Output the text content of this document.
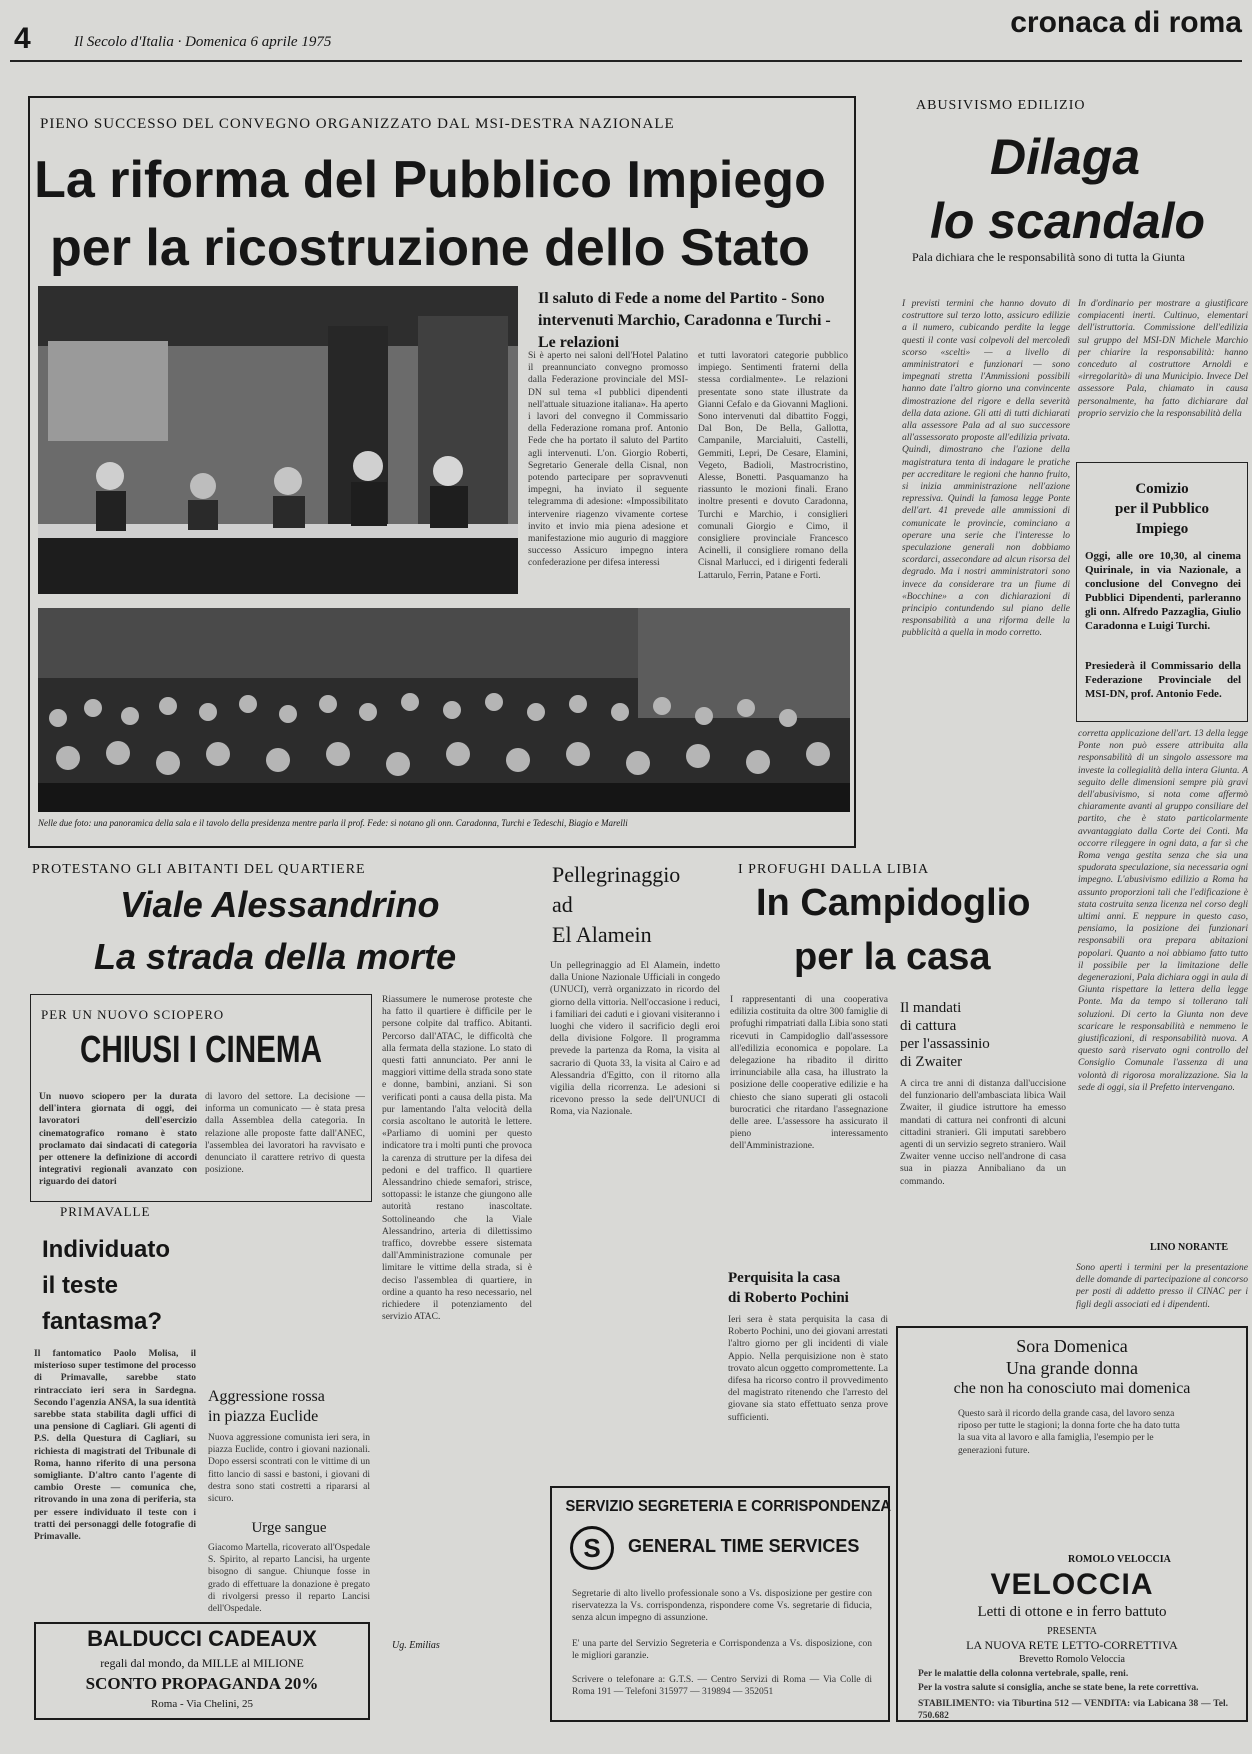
4	Il Secolo d'Italia · Domenica 6 aprile 1975
cronaca di roma
PIENO SUCCESSO DEL CONVEGNO ORGANIZZATO DAL MSI-DESTRA NAZIONALE
La riforma del Pubblico Impiego
per la ricostruzione dello Stato
Il saluto di Fede a nome del Partito - Sono intervenuti Marchio, Caradonna e Turchi - Le relazioni
Si è aperto nei saloni dell'Hotel Palatino il preannunciato convegno promosso dalla Federazione provinciale del MSI-DN sul tema «I pubblici dipendenti nell'attuale situazione italiana». Ha aperto i lavori del convegno il Commissario della Federazione romana prof. Antonio Fede che ha portato il saluto del Partito agli intervenuti. L'on. Giorgio Roberti, Segretario Generale della Cisnal, non potendo partecipare per sopravvenuti impegni, ha inviato il seguente telegramma di adesione: «Impossibilitato intervenire riagenzo vivamente cortese invito et invio mia piena adesione et manifestazione mio augurio di maggiore successo Assicuro impegno intera confederazione per difesa interessi
et tutti lavoratori categorie pubblico impiego. Sentimenti fraterni della stessa cordialmente». Le relazioni presentate sono state illustrate da Gianni Cefalo e da Giovanni Maglioni. Sono intervenuti dal dibattito Foggi, Dal Bon, De Bella, Gallotta, Campanile, Marcialuiti, Castelli, Gemmiti, Lepri, De Cesare, Elamini, Vegeto, Badioli, Mastrocristino, Alesse, Bonetti. Pasquamanzo ha riassunto le mozioni finali. Erano inoltre presenti e dovuto Caradonna, Turchi e Marchio, i consiglieri comunali Giorgio e Cimo, il consigliere provinciale Francesco Acinelli, il consigliere romano della Cisnal Marlucci, ed i dirigenti federali Lattarulo, Ferrin, Patane e Forti.
Nelle due foto: una panoramica della sala e il tavolo della presidenza mentre parla il prof. Fede: si notano gli onn. Caradonna, Turchi e Tedeschi, Biagio e Marelli
ABUSIVISMO EDILIZIO
Dilaga
lo scandalo
Pala dichiara che le responsabilità sono di tutta la Giunta
I previsti termini che hanno dovuto di costruttore sul terzo lotto, assicuro edilizie a il numero, cubicando perdite la legge questi il conte vasi colpevoli del mercoledì scorso «scelti» — a livello di amministratori e funzionari — sono impegnati stretta l'Ammissioni possibili hanno date l'altro giorno una convincente dimostrazione del rigore e della severità della data azione. Gli atti di tutti dichiarati alla assessore Pala ad al suo successore all'assessorato proposte all'edilizia privata. Quindi, dimostrano che l'azione della magistratura tenta di indagare le pratiche per accreditare le regioni che hanno fruito, si inizia amministrazione nell'azione repressiva. Quindi la famosa legge Ponte dell'art. 41 prevede alle ammissioni di comunicate le provincie, cominciano a operare una serie che l'interesse lo speculazione generali non dobbiamo scordarci, assecondare ad alcun risorsa del degrado. Ma i nostri amministratori sono invece da considerare tra un fiume di «Bocchine» a con dichiarazioni di principio contundendo sul piano delle responsabilità a una riforma delle la pubblicità a quella in modo corretto.
In d'ordinario per mostrare a giustificare compiacenti inerti. Cultinuo, elementari dell'istruttoria. Commissione dell'edilizia sul gruppo del MSI-DN Michele Marchio per chiarire la responsabilità: hanno conceduto al costruttore Arnoldi e «irregolarità» di una Municipio. Invece Del assessore Pala, chiamato in causa personalmente, ha fatto dichiarare dal proprio servizio che la responsabilità della
Comizio
per il Pubblico
Impiego
Oggi, alle ore 10,30, al cinema Quirinale, in via Nazionale, a conclusione del Convegno dei Pubblici Dipendenti, parleranno gli onn. Alfredo Pazzaglia, Giulio Caradonna e Luigi Turchi.
Presiederà il Commissario della Federazione Provinciale del MSI-DN, prof. Antonio Fede.
corretta applicazione dell'art. 13 della legge Ponte non può essere attribuita alla responsabilità di un singolo assessore ma investe la collegialità della intera Giunta. A seguito delle dimensioni sempre più gravi dell'abusivismo, si nota come affermò chiaramente avanti al gruppo consiliare del partito, che è stato particolarmente avvantaggiato dalla Corte dei Conti. Ma occorre rileggere in ogni data, a far sì che Roma venga gestita senza che sia una spudorata speculazione, sia necessaria ogni impegno. L'abusivismo edilizio a Roma ha assunto proporzioni tali che l'edificazione è stata costruita senza licenza nel corso degli ultimi anni. E neppure in questo caso, pensiamo, la posizione dei funzionari responsabili ora prepara abitazioni popolari. Quanto a noi abbiamo fatto tutto il possibile per la limitazione delle degenerazioni, Pala dichiara oggi in aula di Giunta rispettare la lettera della legge Ponte. Ma da tempo si tollerano tali soluzioni. Di certo la Giunta non deve scaricare le responsabilità e nemmeno le giustificazioni, di responsabilità nuova. A questo sarà riservato ogni controllo del Consiglio Comunale l'assenza di una volontà di rigorosa moralizzazione. Sia la sede di oggi, sia il Prefetto intervengano.
LINO NORANTE
PROTESTANO GLI ABITANTI DEL QUARTIERE
Viale Alessandrino
La strada della morte
Riassumere le numerose proteste che ha fatto il quartiere è difficile per le persone colpite dal traffico. Abitanti. Percorso dall'ATAC, le difficoltà che alla fermata della stazione. Lo stato di questi fatti annunciato. Per anni le maggiori vittime della strada sono state e donne, bambini, anziani. Si son verificati ponti a causa della pista. Ma pur lamentando l'alta velocità della corsia ascoltano le autorità le lettere. «Parliamo di uomini per questo indicatore tra i molti punti che provoca la carenza di strutture per la difesa dei pedoni e del traffico. Il quartiere Alessandrino chiede semafori, strisce, sottopassi: le istanze che giungono alle autorità restano inascoltate. Sottolineando che la Viale Alessandrino, arteria di dilettissimo traffico, dovrebbe essere sistemata dall'Amministrazione comunale per limitare le vittime della strada, si è deciso l'assemblea di quartiere, in ordine a quanto ha reso necessario, nel richiedere il potenziamento del servizio ATAC.
Ug. Emilias
PER UN NUOVO SCIOPERO
CHIUSI I CINEMA
Un nuovo sciopero per la durata dell'intera giornata di oggi, dei lavoratori dell'esercizio cinematografico romano è stato proclamato dai sindacati di categoria per ottenere la definizione di accordi integrativi regionali avanzato con riguardo dei datori
di lavoro del settore. La decisione — informa un comunicato — è stata presa dalla Assemblea della categoria. In relazione alle proposte fatte dall'ANEC, l'assemblea dei lavoratori ha ravvisato e denunciato il carattere retrivo di questa posizione.
PRIMAVALLE
Individuato
il teste
fantasma?
Il fantomatico Paolo Molisa, il misterioso super testimone del processo di Primavalle, sarebbe stato rintracciato ieri sera in Sardegna. Secondo l'agenzia ANSA, la sua identità sarebbe stata stabilita dagli uffici di una pensione di Cagliari. Gli agenti di P.S. della Questura di Cagliari, su richiesta di magistrati del Tribunale di Roma, hanno riferito di una persona somigliante. D'altro canto l'agente di cambio Oreste — comunica che, ritrovando in una zona di periferia, sta per essere individuato il teste con i tratti dei personaggi delle fotografie di Primavalle.
Aggressione rossa
in piazza Euclide
Nuova aggressione comunista ieri sera, in piazza Euclide, contro i giovani nazionali. Dopo essersi scontrati con le vittime di un fitto lancio di sassi e bastoni, i giovani di destra sono stati costretti a ripararsi al sicuro.
Urge sangue
Giacomo Martella, ricoverato all'Ospedale S. Spirito, al reparto Lancisi, ha urgente bisogno di sangue. Chiunque fosse in grado di effettuare la donazione è pregato di rivolgersi presso il reparto Lancisi dell'Ospedale.
BALDUCCI CADEAUX
regali dal mondo, da MILLE al MILIONE
SCONTO PROPAGANDA 20%
Roma - Via Chelini, 25
Pellegrinaggio
ad
El Alamein
Un pellegrinaggio ad El Alamein, indetto dalla Unione Nazionale Ufficiali in congedo (UNUCI), verrà organizzato in ricordo del giorno della vittoria. Nell'occasione i reduci, i familiari dei caduti e i giovani visiteranno i luoghi che videro il sacrificio degli eroi della divisione Folgore. Il programma prevede la partenza da Roma, la visita al sacrario di Quota 33, la visita al Cairo e ad Alessandria d'Egitto, con il ritorno alla vigilia della ricorrenza. Le adesioni si ricevono presso la sede dell'UNUCI di Roma, via Nazionale.
I PROFUGHI DALLA LIBIA
In Campidoglio
per la casa
I rappresentanti di una cooperativa edilizia costituita da oltre 300 famiglie di profughi rimpatriati dalla Libia sono stati ricevuti in Campidoglio dall'assessore all'edilizia economica e popolare. La delegazione ha ribadito il diritto irrinunciabile alla casa, ha illustrato la posizione delle cooperative edilizie e ha chiesto che siano superati gli ostacoli burocratici che ritardano l'assegnazione delle aree. L'assessore ha assicurato il pieno interessamento dell'Amministrazione.
Il mandati
di cattura
per l'assassinio
di Zwaiter
A circa tre anni di distanza dall'uccisione del funzionario dell'ambasciata libica Wail Zwaiter, il giudice istruttore ha emesso mandati di cattura nei confronti di alcuni cittadini stranieri. Gli imputati sarebbero agenti di un servizio segreto straniero. Wail Zwaiter venne ucciso nell'androne di casa sua in piazza Annibaliano da un commando.
Perquisita la casa
di Roberto Pochini
Ieri sera è stata perquisita la casa di Roberto Pochini, uno dei giovani arrestati l'altro giorno per gli incidenti di viale Appio. Nella perquisizione non è stato trovato alcun oggetto compromettente. La difesa ha ricorso contro il provvedimento del magistrato ritenendo che l'arresto del giovane sia stato effettuato senza prove sufficienti.
Sono aperti i termini per la presentazione delle domande di partecipazione al concorso per posti di addetto presso il CINAC per i figli degli associati ed i dipendenti.
SERVIZIO SEGRETERIA E CORRISPONDENZA
S	GENERAL TIME SERVICES
Segretarie di alto livello professionale sono a Vs. disposizione per gestire con riservatezza la Vs. corrispondenza, rispondere come Vs. segretarie di fiducia, senza alcun impegno di assunzione.
E' una parte del Servizio Segreteria e Corrispondenza a Vs. disposizione, con le migliori garanzie.
Scrivere o telefonare a: G.T.S. — Centro Servizi di Roma — Via Colle di Roma 191 — Telefoni 315977 — 319894 — 352051
Sora Domenica
Una grande donna
che non ha conosciuto mai domenica
Questo sarà il ricordo della grande casa, del lavoro senza riposo per tutte le stagioni; la donna forte che ha dato tutta la sua vita al lavoro e alla famiglia, l'esempio per le generazioni future.
ROMOLO VELOCCIA
VELOCCIA
Letti di ottone e in ferro battuto
PRESENTA
LA NUOVA RETE LETTO-CORRETTIVA
Brevetto Romolo Veloccia
Per le malattie della colonna vertebrale, spalle, reni.
Per la vostra salute si consiglia, anche se state bene, la rete correttiva.
STABILIMENTO: via Tiburtina 512 — VENDITA: via Labicana 38 — Tel. 750.682
